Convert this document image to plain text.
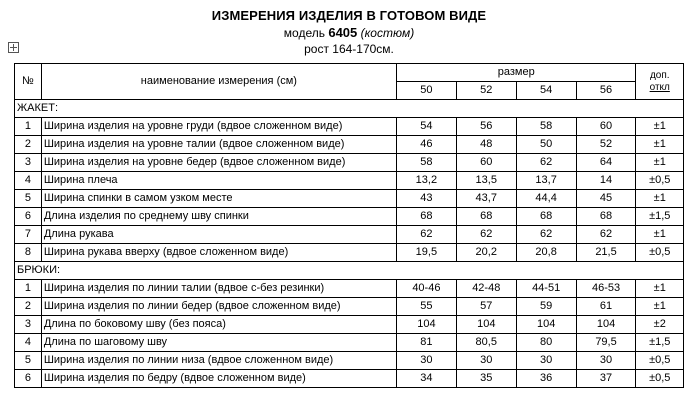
ИЗМЕРЕНИЯ ИЗДЕЛИЯ В ГОТОВОМ ВИДЕ
модель 6405 (костюм)
рост 164-170см.
№	наименование измерения (см)	размер				доп.
откл

		50	52	54	56	
ЖАКЕТ:						
1	Ширина изделия на уровне груди (вдвое сложенном виде)	54	56	58	60	±1
2	Ширина изделия на уровне талии (вдвое сложенном виде)	46	48	50	52	±1
3	Ширина изделия на уровне бедер (вдвое сложенном виде)	58	60	62	64	±1
4	Ширина плеча	13,2	13,5	13,7	14	±0,5
5	Ширина спинки в самом узком месте	43	43,7	44,4	45	±1
6	Длина изделия по среднему шву спинки	68	68	68	68	±1,5
7	Длина рукава	62	62	62	62	±1
8	Ширина рукава вверху (вдвое сложенном виде)	19,5	20,2	20,8	21,5	±0,5
БРЮКИ:						
1	Ширина изделия по линии талии (вдвое с-без резинки)	40-46	42-48	44-51	46-53	±1
2	Ширина изделия по линии бедер (вдвое сложенном виде)	55	57	59	61	±1
3	Длина по боковому шву (без пояса)	104	104	104	104	±2
4	Длина по шаговому шву	81	80,5	80	79,5	±1,5
5	Ширина изделия по линии низа (вдвое сложенном виде)	30	30	30	30	±0,5
6	Ширина изделия по бедру (вдвое сложенном виде)	34	35	36	37	±0,5
